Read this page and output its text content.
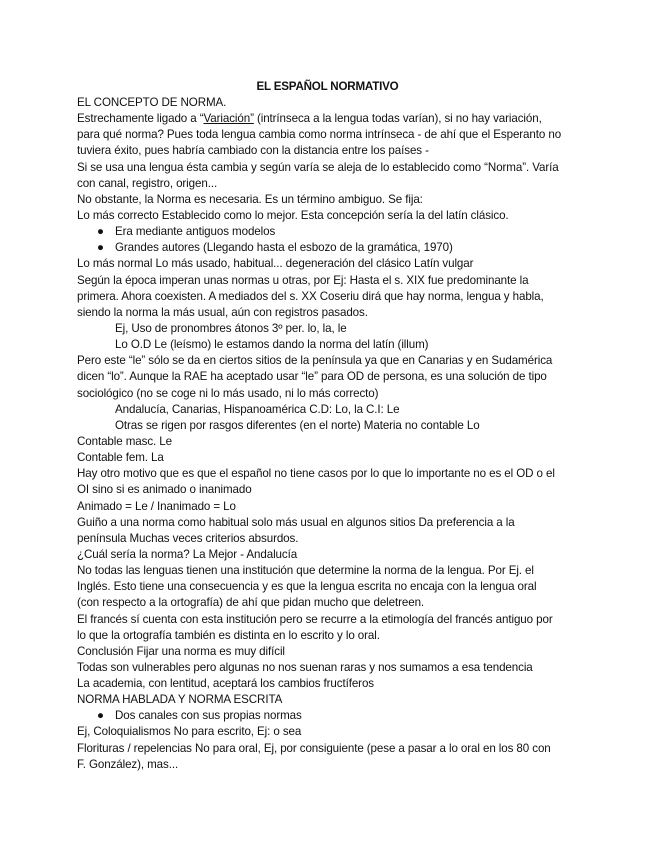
EL ESPAÑOL NORMATIVO
EL CONCEPTO DE NORMA.
Estrechamente ligado a “Variación” (intrínseca a la lengua todas varían), si no hay variación,
para qué norma? Pues toda lengua cambia como norma intrínseca - de ahí que el Esperanto no
tuviera éxito, pues habría cambiado con la distancia entre los países -
Si se usa una lengua ésta cambia y según varía se aleja de lo establecido como “Norma”. Varía
con canal, registro, origen...
No obstante, la Norma es necesaria. Es un término ambiguo. Se fija:
Lo más correcto Establecido como lo mejor. Esta concepción sería la del latín clásico.
● Era mediante antiguos modelos
● Grandes autores (Llegando hasta el esbozo de la gramática, 1970)
Lo más normal Lo más usado, habitual... degeneración del clásico Latín vulgar
Según la época imperan unas normas u otras, por Ej: Hasta el s. XIX fue predominante la
primera. Ahora coexisten. A mediados del s. XX Coseriu dirá que hay norma, lengua y habla,
siendo la norma la más usual, aún con registros pasados.
Ej, Uso de pronombres átonos 3º per. lo, la, le
Lo O.D Le (leísmo) le estamos dando la norma del latín (illum)
Pero este “le” sólo se da en ciertos sitios de la península ya que en Canarias y en Sudamérica
dicen “lo”. Aunque la RAE ha aceptado usar “le” para OD de persona, es una solución de tipo
sociológico (no se coge ni lo más usado, ni lo más correcto)
Andalucía, Canarias, Hispanoamérica C.D: Lo, la C.I: Le
Otras se rigen por rasgos diferentes (en el norte) Materia no contable Lo
Contable masc. Le
Contable fem. La
Hay otro motivo que es que el español no tiene casos por lo que lo importante no es el OD o el
OI sino si es animado o inanimado
Animado = Le / Inanimado = Lo
Guiño a una norma como habitual solo más usual en algunos sitios Da preferencia a la
península Muchas veces criterios absurdos.
¿Cuál sería la norma? La Mejor - Andalucía
No todas las lenguas tienen una institución que determine la norma de la lengua. Por Ej. el
Inglés. Esto tiene una consecuencia y es que la lengua escrita no encaja con la lengua oral
(con respecto a la ortografía) de ahí que pidan mucho que deletreen.
El francés sí cuenta con esta institución pero se recurre a la etimología del francés antiguo por
lo que la ortografía también es distinta en lo escrito y lo oral.
Conclusión Fijar una norma es muy difícil
Todas son vulnerables pero algunas no nos suenan raras y nos sumamos a esa tendencia
La academia, con lentitud, aceptará los cambios fructíferos
NORMA HABLADA Y NORMA ESCRITA
● Dos canales con sus propias normas
Ej, Coloquialismos No para escrito, Ej: o sea
Florituras / repelencias No para oral, Ej, por consiguiente (pese a pasar a lo oral en los 80 con
F. González), mas...
